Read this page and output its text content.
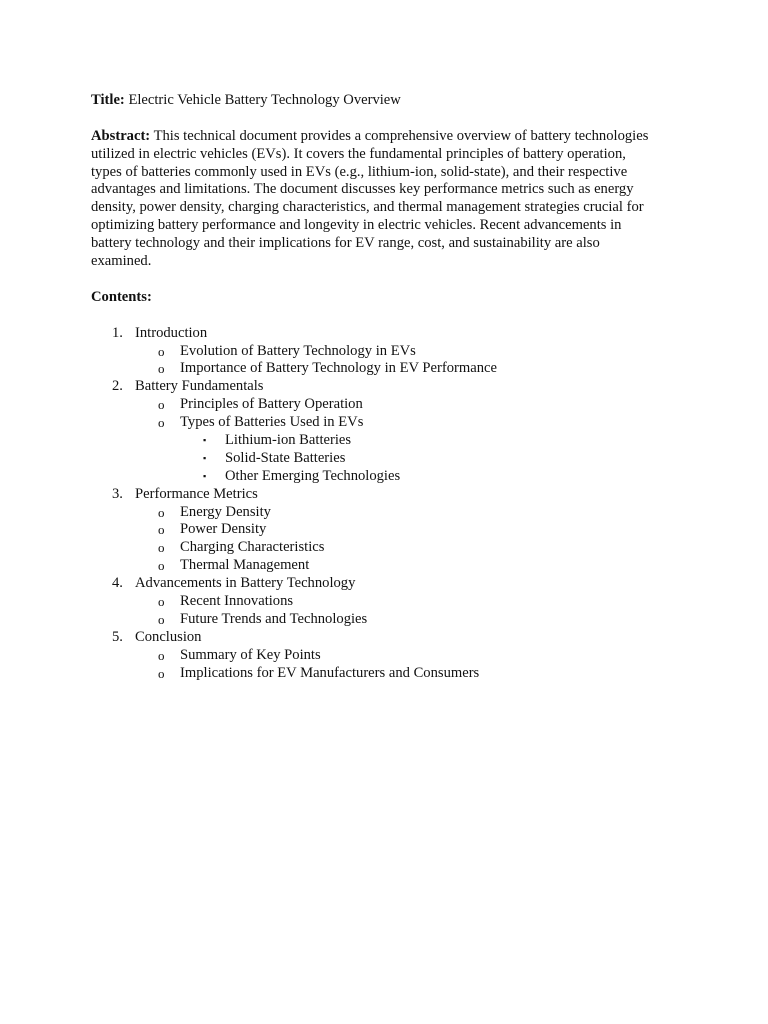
Title: Electric Vehicle Battery Technology Overview

Abstract: This technical document provides a comprehensive overview of battery technologies
utilized in electric vehicles (EVs). It covers the fundamental principles of battery operation,
types of batteries commonly used in EVs (e.g., lithium-ion, solid-state), and their respective
advantages and limitations. The document discusses key performance metrics such as energy
density, power density, charging characteristics, and thermal management strategies crucial for
optimizing battery performance and longevity in electric vehicles. Recent advancements in
battery technology and their implications for EV range, cost, and sustainability are also
examined.

Contents:

1. Introduction
o Evolution of Battery Technology in EVs
o Importance of Battery Technology in EV Performance
2. Battery Fundamentals
o Principles of Battery Operation
o Types of Batteries Used in EVs
▪ Lithium-ion Batteries
▪ Solid-State Batteries
▪ Other Emerging Technologies
3. Performance Metrics
o Energy Density
o Power Density
o Charging Characteristics
o Thermal Management
4. Advancements in Battery Technology
o Recent Innovations
o Future Trends and Technologies
5. Conclusion
o Summary of Key Points
o Implications for EV Manufacturers and Consumers
